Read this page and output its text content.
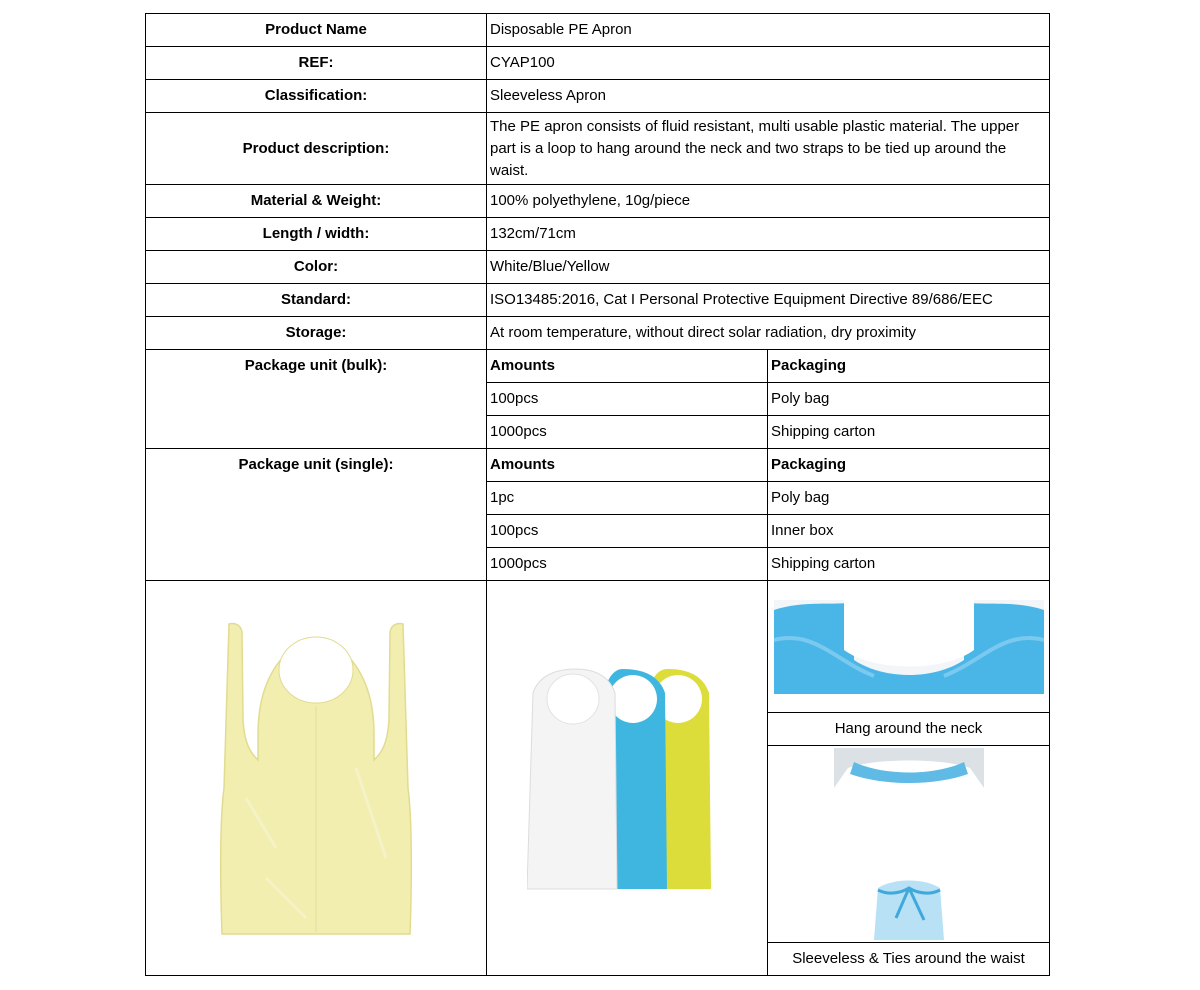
Product Name	Disposable PE Apron	
REF:	CYAP100	
Classification:	Sleeveless Apron	
Product description:	The PE apron consists of fluid resistant, multi usable plastic material. The upper part is a loop to hang around the neck and two straps to be tied up around the waist.	
Material & Weight:	100% polyethylene, 10g/piece	
Length / width:	132cm/71cm	
Color:	White/Blue/Yellow	
Standard:	ISO13485:2016, Cat I Personal Protective Equipment Directive 89/686/EEC	
Storage:	At room temperature, without direct solar radiation, dry proximity	
Package unit (bulk):	Amounts	Packaging
	100pcs	Poly bag
	1000pcs	Shipping carton
Package unit (single):	Amounts	Packaging
	1pc	Poly bag
	100pcs	Inner box
	1000pcs	Shipping carton

		Hang around the neck

		Sleeveless & Ties around the waist
